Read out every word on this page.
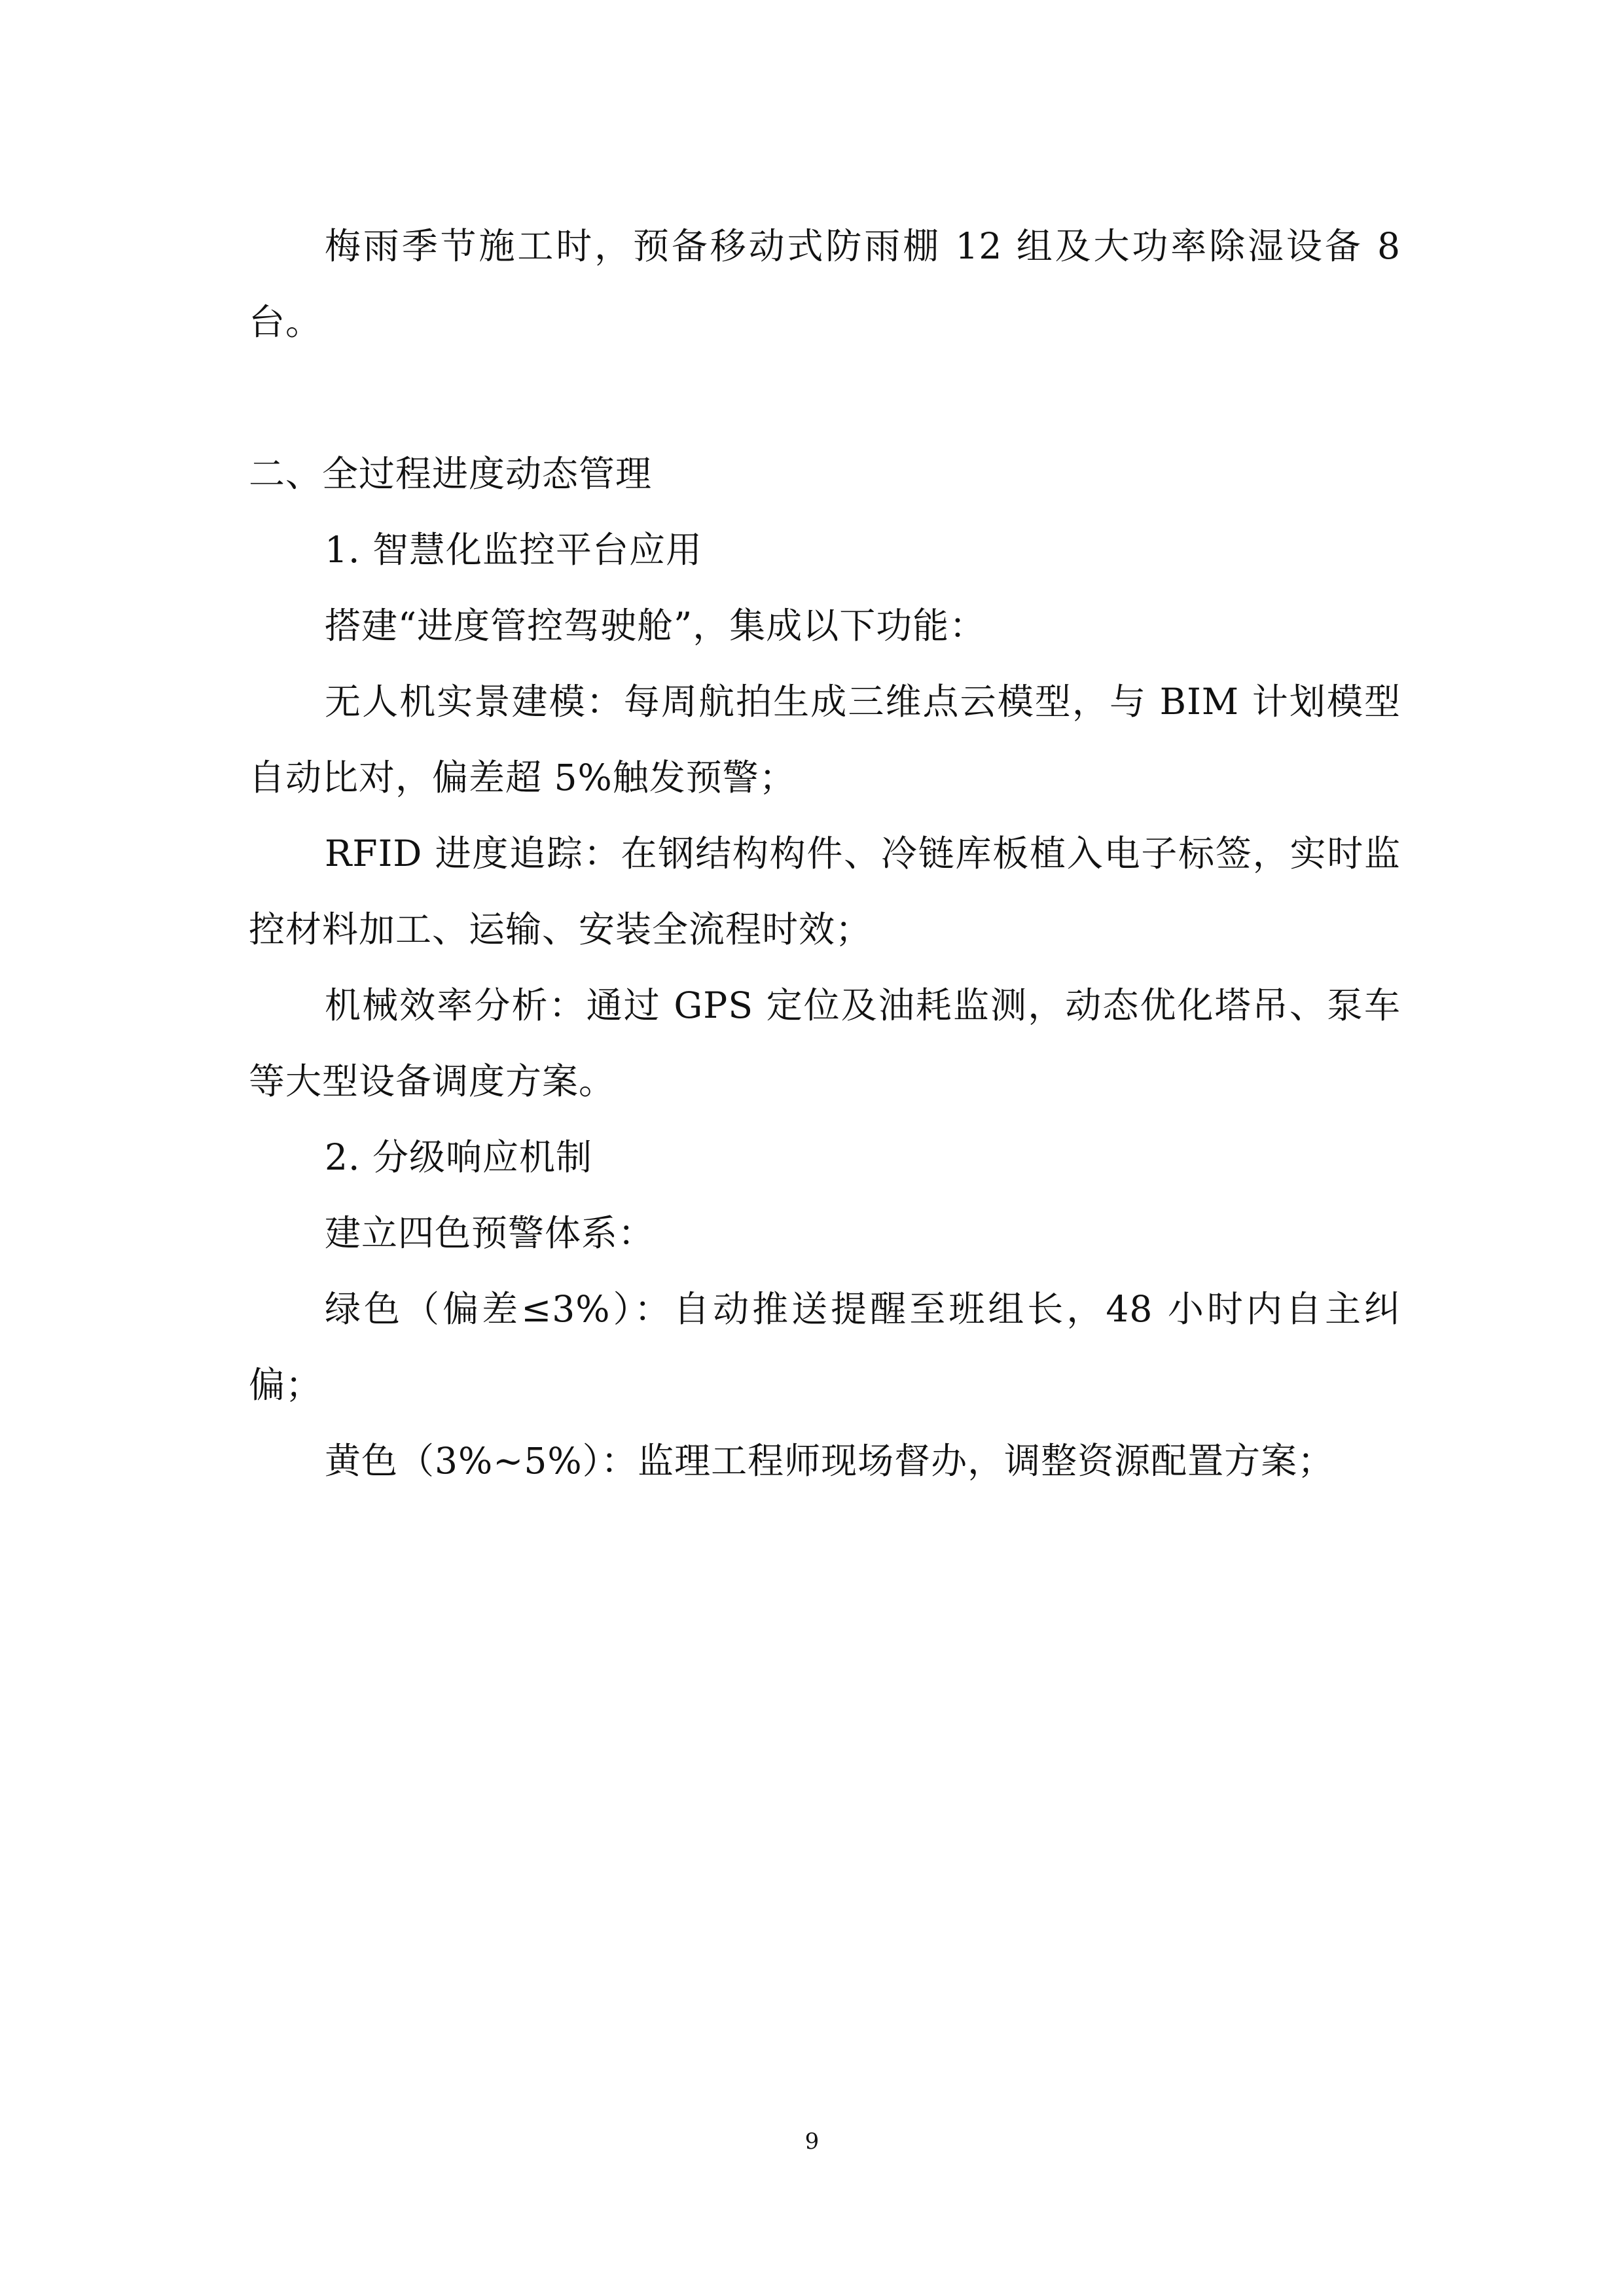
梅雨季节施工时，预备移动式防雨棚 12 组及大功率除湿设备 8 台。

二、全过程进度动态管理

1. 智慧化监控平台应用

搭建“进度管控驾驶舱”，集成以下功能：

无人机实景建模：每周航拍生成三维点云模型，与 BIM 计划模型自动比对，偏差超 5%触发预警；

RFID 进度追踪：在钢结构构件、冷链库板植入电子标签，实时监控材料加工、运输、安装全流程时效；

机械效率分析：通过 GPS 定位及油耗监测，动态优化塔吊、泵车等大型设备调度方案。

2. 分级响应机制

建立四色预警体系：

绿色（偏差≤3%）：自动推送提醒至班组长，48 小时内自主纠偏；

黄色（3%~5%）：监理工程师现场督办，调整资源配置方案；

9
